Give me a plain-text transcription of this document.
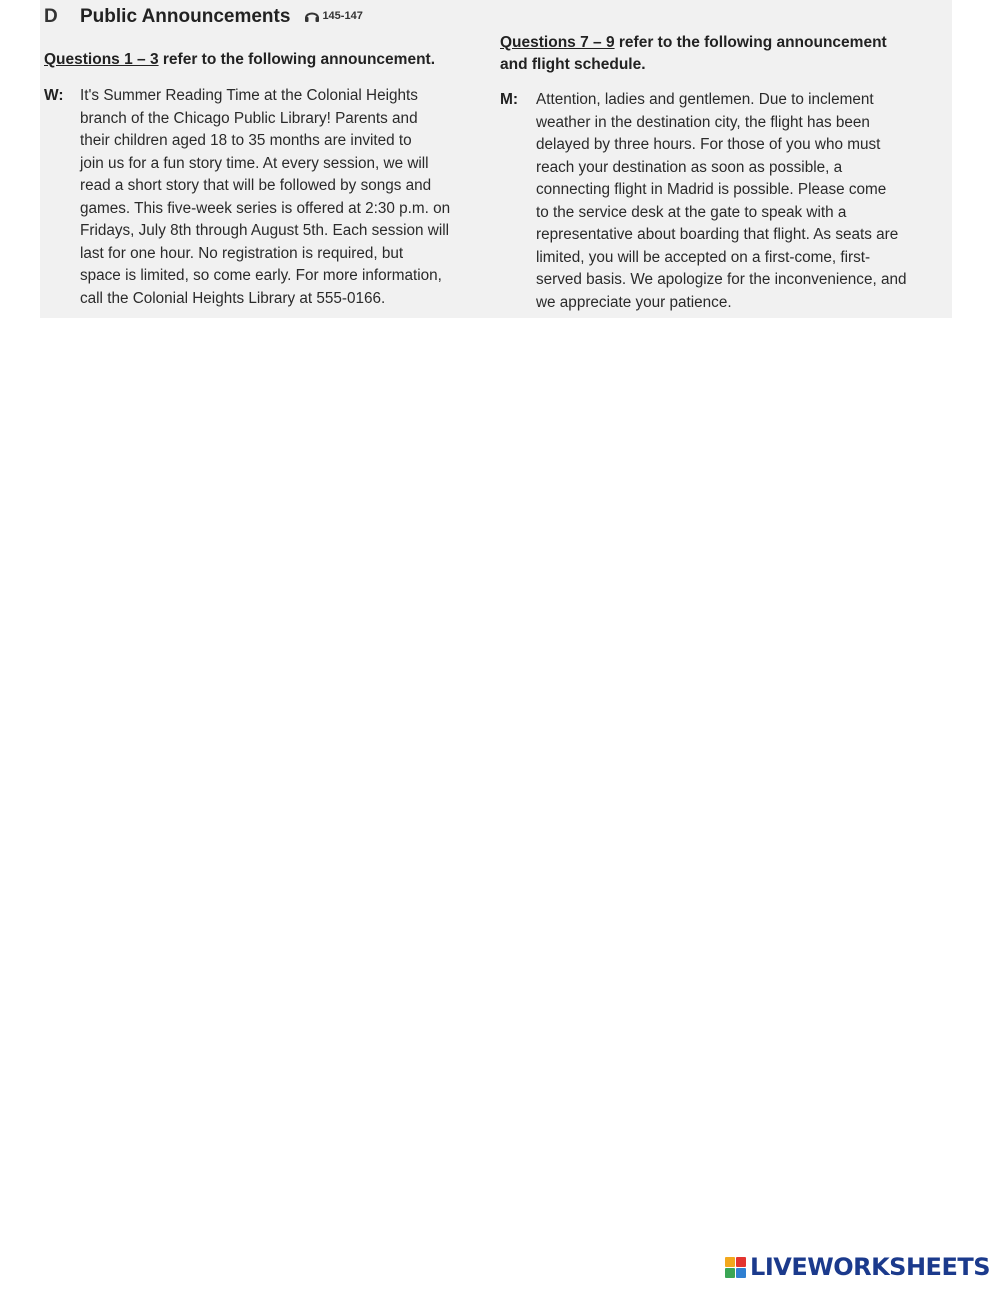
D	Public Announcements	145-147
Questions 1 – 3 refer to the following announcement.
W:	It's Summer Reading Time at the Colonial Heights
branch of the Chicago Public Library! Parents and
their children aged 18 to 35 months are invited to
join us for a fun story time. At every session, we will
read a short story that will be followed by songs and
games. This five-week series is offered at 2:30 p.m. on
Fridays, July 8th through August 5th. Each session will
last for one hour. No registration is required, but
space is limited, so come early. For more information,
call the Colonial Heights Library at 555-0166.
Questions 7 – 9 refer to the following announcement
and flight schedule.
M:	Attention, ladies and gentlemen. Due to inclement
weather in the destination city, the flight has been
delayed by three hours. For those of you who must
reach your destination as soon as possible, a
connecting flight in Madrid is possible. Please come
to the service desk at the gate to speak with a
representative about boarding that flight. As seats are
limited, you will be accepted on a first-come, first-
served basis. We apologize for the inconvenience, and
we appreciate your patience.
LIVEWORKSHEETS
